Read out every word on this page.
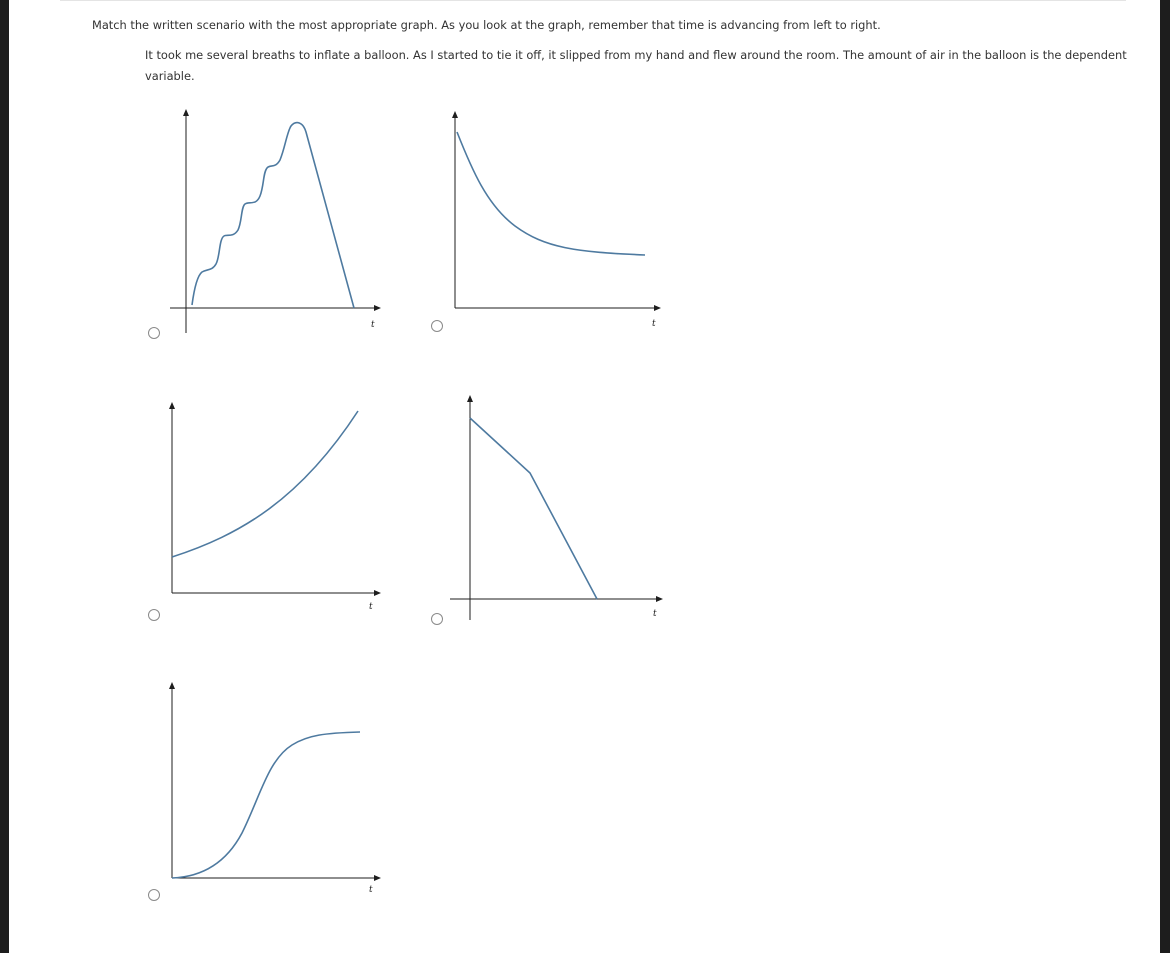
Match the written scenario with the most appropriate graph. As you look at the graph, remember that time is advancing from left to right.
It took me several breaths to inflate a balloon. As I started to tie it off, it slipped from my hand and flew around the room. The amount of air in the balloon is the dependent variable.
t	t
t
t
t
